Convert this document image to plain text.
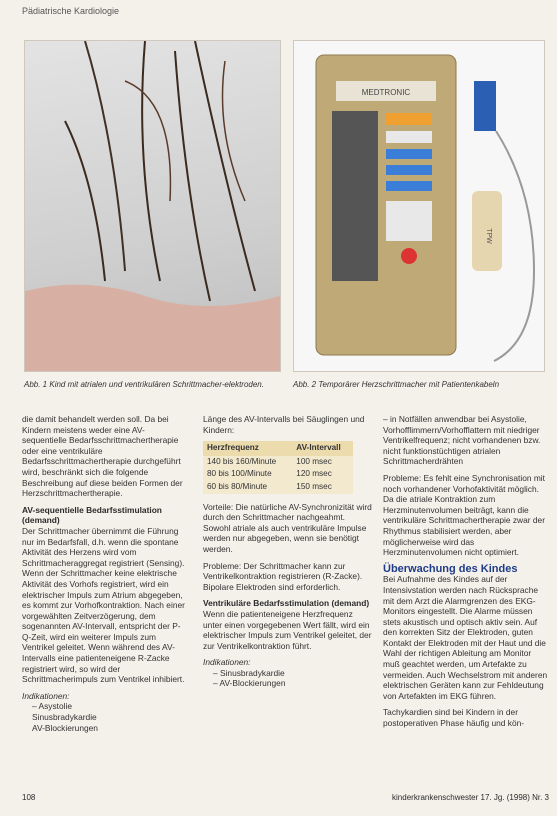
Pädiatrische Kardiologie
MEDTRONIC
TPW
Abb. 1 Kind mit atrialen und ventrikulären Schrittmacher-elektroden.	Abb. 2 Temporärer Herzschrittmacher mit Patientenkabeln

die damit behandelt werden soll. Da bei Kindern meistens weder eine AV-sequentielle Bedarfsschrittmachertherapie oder eine ventrikuläre Bedarfsschrittmachertherapie durchgeführt wird, beschränkt sich die folgende Beschreibung auf diese beiden Formen der Herzschrittmachertherapie.

AV-sequentielle Bedarfsstimulation (demand)

Der Schrittmacher übernimmt die Führung nur im Bedarfsfall, d.h. wenn die spontane Aktivität des Herzens wird vom Schrittmacheraggregat registriert (Sensing). Wenn der Schrittmacher keine elektrische Aktivität des Vorhofs registriert, wird ein elektrischer Impuls zum Atrium abgegeben, es kommt zur Vorhofkontraktion. Nach einer vorgewählten Zeitverzögerung, dem sogenannten AV-Intervall, entspricht der P-Q-Zeit, wird ein weiterer Impuls zum Ventrikel geleitet. Wenn während des AV-Intervalls eine patienteneigene R-Zacke registriert wird, so wird der Schrittmacherimpuls zum Ventrikel inhibiert.

Indikationen:
– Asystolie
Sinusbradykardie
AV-Blockierungen

Länge des AV-Intervalls bei Säuglingen und Kindern:

Herzfrequenz	AV-Intervall
140 bis 160/Minute	100 msec
80 bis 100/Minute	120 msec
60 bis 80/Minute	150 msec

Vorteile: Die natürliche AV-Synchronizität wird durch den Schrittmacher nachgeahmt. Sowohl atriale als auch ventrikuläre Impulse werden nur abgegeben, wenn sie benötigt werden.

Probleme: Der Schrittmacher kann zur Ventrikelkontraktion registrieren (R-Zacke). Bipolare Elektroden sind erforderlich.

Ventrikuläre Bedarfsstimulation (demand)

Wenn die patienteneigene Herzfrequenz unter einen vorgegebenen Wert fällt, wird ein elektrischer Impuls zum Ventrikel geleitet, der zur Ventrikelkontraktion führt.

Indikationen:
– Sinusbradykardie
– AV-Blockierungen

– in Notfällen anwendbar bei Asystolie, Vorhofflimmern/Vorhofflattern mit niedriger Ventrikelfrequenz; nicht vorhandenen bzw. nicht funktionstüchtigen atrialen Schrittmacherdrähten

Probleme: Es fehlt eine Synchronisation mit noch vorhandener Vorhofaktivität möglich. Da die atriale Kontraktion zum Herzminutenvolumen beiträgt, kann die ventrikuläre Schrittmachertherapie zwar der Rhythmus stabilisiert werden, aber möglicherweise wird das Herzminutenvolumen nicht optimiert.

Überwachung des Kindes

Bei Aufnahme des Kindes auf der Intensivstation werden nach Rücksprache mit dem Arzt die Alarmgrenzen des EKG-Monitors eingestellt. Die Alarme müssen stets akustisch und optisch aktiv sein. Auf den korrekten Sitz der Elektroden, guten Kontakt der Elektroden mit der Haut und die Wahl der richtigen Ableitung am Monitor muß geachtet werden, um Artefakte zu vermeiden. Auch Wechselstrom mit anderen elektrischen Geräten kann zur Fehldeutung von Artefakten im EKG führen.

Tachykardien sind bei Kindern in der postoperativen Phase häufig und kön-

108	kinderkrankenschwester 17. Jg. (1998) Nr. 3
